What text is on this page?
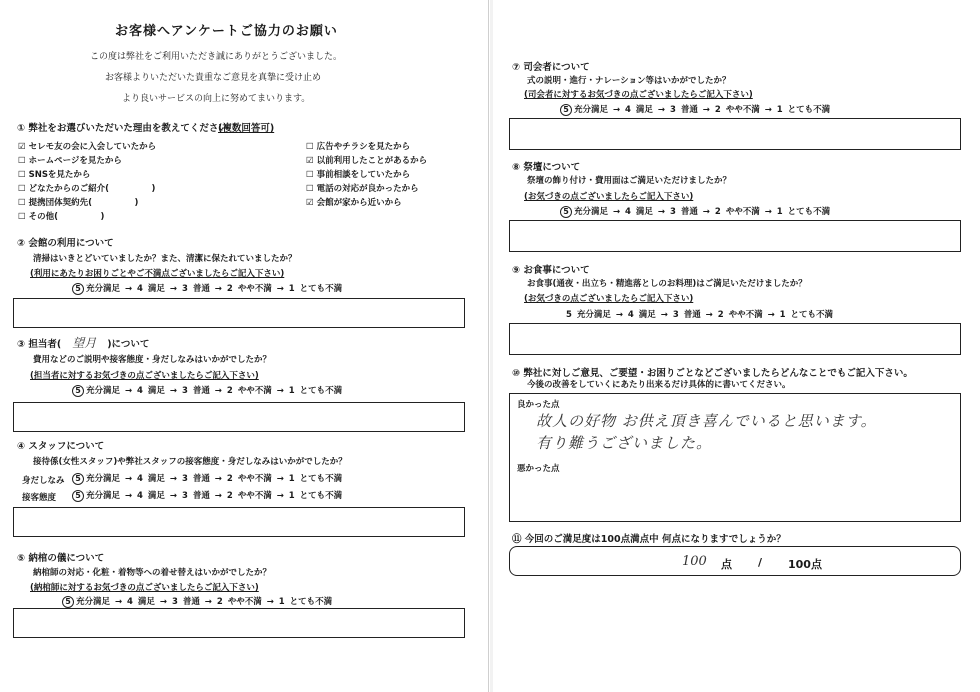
お客様へアンケートご協力のお願い
この度は弊社をご利用いただき誠にありがとうございました。
お客様よりいただいた貴重なご意見を真摯に受け止め
より良いサービスの向上に努めてまいります。
① 弊社をお選びいただいた理由を教えてください
(複数回答可)
☑ セレモ友の会に入会していたから
☐ ホームページを見たから
☐ SNSを見たから
☐ どなたからのご紹介(　　　　　)
☐ 提携団体契約先(　　　　　)
☐ その他(　　　　　)
☐ 広告やチラシを見たから
☑ 以前利用したことがあるから
☐ 事前相談をしていたから
☐ 電話の対応が良かったから
☑ 会館が家から近いから
② 会館の利用について
清掃はいきとどいていましたか？また、清潔に保たれていましたか？
(利用にあたりお困りごとやご不満点ございましたらご記入下さい)
5 充分満足 → 4 満足 → 3 普通 → 2 やや不満 → 1 とても不満
③ 担当者( 望月 )について
費用などのご説明や接客態度・身だしなみはいかがでしたか？
(担当者に対するお気づきの点ございましたらご記入下さい)
5 充分満足 → 4 満足 → 3 普通 → 2 やや不満 → 1 とても不満
④ スタッフについて
接待係(女性スタッフ)や弊社スタッフの接客態度・身だしなみはいかがでしたか？
身だしなみ	5 充分満足 → 4 満足 → 3 普通 → 2 やや不満 → 1 とても不満
接客態度	5 充分満足 → 4 満足 → 3 普通 → 2 やや不満 → 1 とても不満
⑤ 納棺の儀について
納棺師の対応・化粧・着物等への着せ替えはいかがでしたか？
(納棺師に対するお気づきの点ございましたらご記入下さい)
5 充分満足 → 4 満足 → 3 普通 → 2 やや不満 → 1 とても不満
⑦ 司会者について
式の説明・進行・ナレーション等はいかがでしたか？
(司会者に対するお気づきの点ございましたらご記入下さい)
5 充分満足 → 4 満足 → 3 普通 → 2 やや不満 → 1 とても不満
⑧ 祭壇について
祭壇の飾り付け・費用面はご満足いただけましたか？
(お気づきの点ございましたらご記入下さい)
5 充分満足 → 4 満足 → 3 普通 → 2 やや不満 → 1 とても不満
⑨ お食事について
お食事(通夜・出立ち・精進落としのお料理)はご満足いただけましたか？
(お気づきの点ございましたらご記入下さい)
5 充分満足 → 4 満足 → 3 普通 → 2 やや不満 → 1 とても不満
⑩ 弊社に対しご意見、ご要望・お困りごとなどございましたらどんなことでもご記入下さい。
今後の改善をしていくにあたり出来るだけ具体的に書いてください。
良かった点
故人の好物 お供え頂き喜んでいると思います。
有り難うございました。
悪かった点
⑪ 今回のご満足度は100点満点中 何点になりますでしょうか？
100 点 / 100点
